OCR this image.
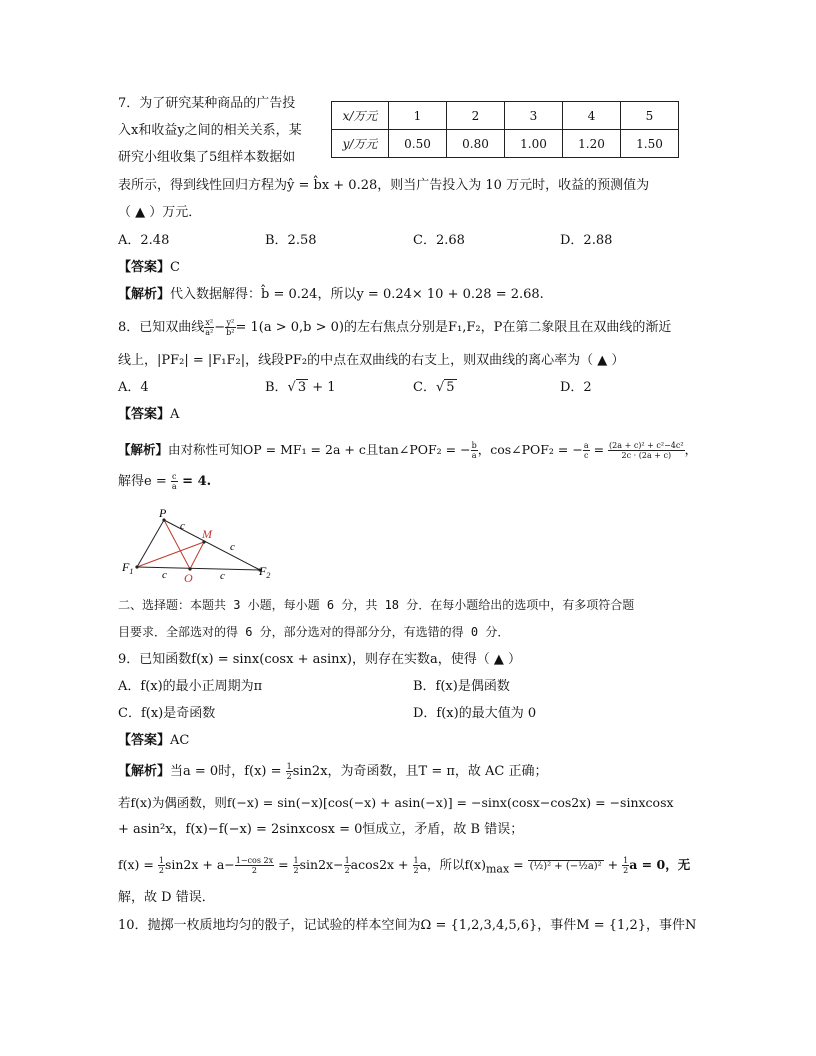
7．为了研究某种商品的广告投
入x和收益y之间的相关关系，某
研究小组收集了5组样本数据如
表所示，得到线性回归方程为ŷ = b̂x + 0.28，则当广告投入为 10 万元时，收益的预测值为
（ ▲ ）万元．
x/万元	1	2	3	4	5
y/万元	0.50	0.80	1.00	1.20	1.50
A．2.48	B．2.58	C．2.68	D．2.88
【答案】C
【解析】代入数据解得：b̂ = 0.24，所以y = 0.24× 10 + 0.28 = 2.68.
8．已知双曲线 $\frac{\text{x²}}{\text{a²}} - \frac{\text{y²}}{\text{b²}} = 1(a > 0,b > 0)$的左右焦点分别是F₁,F₂，P在第二象限且在双曲线的渐近
线上，|PF₂| = |F₁F₂|，线段PF₂的中点在双曲线的右支上，则双曲线的离心率为（ ▲ ）
A．4	B．√ 3 + 1	C．√ 5	D．2
【答案】A
【解析】由对称性可知OP = MF₁ = 2a + c且tan∠POF₂ = − $\frac{b}{a}$ ，cos∠POF₂ = − $\frac{a}{c} = \frac{\text{(2a + c)² + c²−4c²}}{2c \cdot (2a + c)}$ ，
解得$e = \frac{c}{a} = 4$.
P
M
O
$F_1$	$F_2$
c
c
c	c
二、选择题：本题共 3 小题，每小题 6 分，共 18 分．在每小题给出的选项中，有多项符合题
目要求．全部选对的得 6 分，部分选对的得部分分，有选错的得 0 分．
9．已知函数f(x) = sinx(cosx + asinx)，则存在实数a，使得（ ▲ ）
A．f(x)的最小正周期为π	B．f(x)是偶函数
C．f(x)是奇函数	D．f(x)的最大值为 0
【答案】AC
【解析】当a = 0时，$f(x) = \frac{1}{2} \sin 2x$，为奇函数，且T = π，故 AC 正确；
若f(x)为偶函数，则f(−x) = sin(−x)[cos(−x) + asin(−x)] = −sinx(cosx−cos2x) = −sinxcosx
+ asin²x，f(x)−f(−x) = 2sinxcosx = 0恒成立，矛盾，故 B 错误；
$f(x) = \frac{1}{2} \sin 2x + a- \frac{1-\cos 2x}{2} = \frac{1}{2} \sin 2x- \frac{1}{2} acos2x + \frac{1}{2}$ a，所以$f(x)_{max}$ = (½)² + (−½a)² + $\frac{1}{2}$ a = 0，无
解，故 D 错误．
10．抛掷一枚质地均匀的骰子，记试验的样本空间为Ω = {1,2,3,4,5,6}，事件M = {1,2}，事件N
